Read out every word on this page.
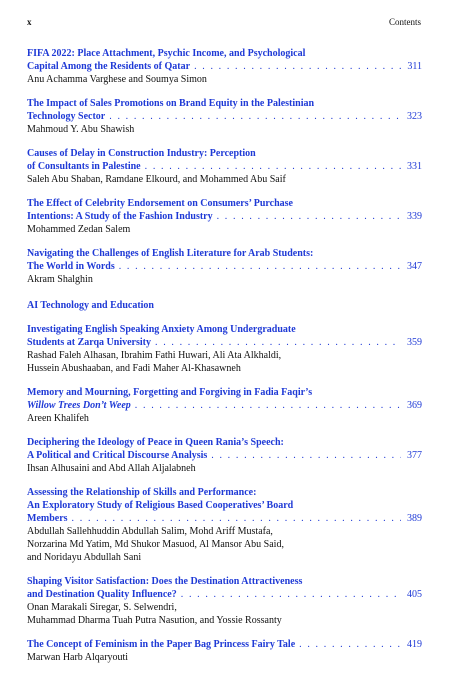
x	Contents
FIFA 2022: Place Attachment, Psychic Income, and Psychological
Capital Among the Residents of Qatar . . .	311
Anu Achamma Varghese and Soumya Simon
The Impact of Sales Promotions on Brand Equity in the Palestinian
Technology Sector . . .	323
Mahmoud Y. Abu Shawish
Causes of Delay in Construction Industry: Perception
of Consultants in Palestine . . .	331
Saleh Abu Shaban, Ramdane Elkourd, and Mohammed Abu Saif
The Effect of Celebrity Endorsement on Consumers’ Purchase
Intentions: A Study of the Fashion Industry . . .	339
Mohammed Zedan Salem
Navigating the Challenges of English Literature for Arab Students:
The World in Words . . .	347
Akram Shalghin
AI Technology and Education
Investigating English Speaking Anxiety Among Undergraduate
Students at Zarqa University . . .	359
Rashad Faleh Alhasan, Ibrahim Fathi Huwari, Ali Ata Alkhaldi,
Hussein Abushaaban, and Fadi Maher Al-Khasawneh
Memory and Mourning, Forgetting and Forgiving in Fadia Faqir’s
Willow Trees Don’t Weep . . .	369
Areen Khalifeh
Deciphering the Ideology of Peace in Queen Rania’s Speech:
A Political and Critical Discourse Analysis . . .	377
Ihsan Alhusaini and Abd Allah Aljalabneh
Assessing the Relationship of Skills and Performance:
An Exploratory Study of Religious Based Cooperatives’ Board
Members . . .	389
Abdullah Sallehhuddin Abdullah Salim, Mohd Ariff Mustafa,
Norzarina Md Yatim, Md Shukor Masuod, Al Mansor Abu Said,
and Noridayu Abdullah Sani
Shaping Visitor Satisfaction: Does the Destination Attractiveness
and Destination Quality Influence? . . .	405
Onan Marakali Siregar, S. Selwendri,
Muhammad Dharma Tuah Putra Nasution, and Yossie Rossanty
The Concept of Feminism in the Paper Bag Princess Fairy Tale . . .	419
Marwan Harb Alqaryouti
